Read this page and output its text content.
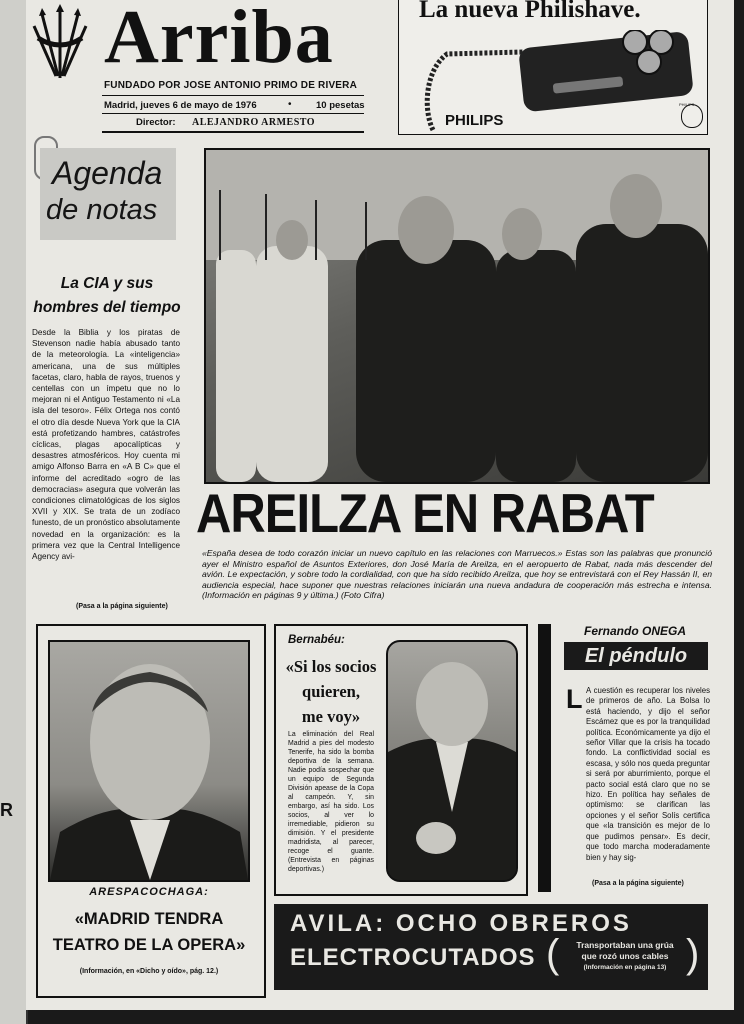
R
Arriba
FUNDADO POR JOSE ANTONIO PRIMO DE RIVERA
Madrid, jueves 6 de mayo de 1976	•	10 pesetas
Director: ALEJANDRO ARMESTO
La nueva Philishave.
PHILIPS
PHILIPS
Agenda
de notas
La CIA y sus
hombres del tiempo

Desde la Biblia y los piratas de Stevenson nadie había abusado tanto de la meteorología. La «inteligencia» americana, una de sus múltiples facetas, claro, habla de rayos, truenos y centellas con un ímpetu que no lo mejoran ni el Antiguo Testamento ni «La isla del tesoro». Félix Ortega nos contó el otro día desde Nueva York que la CIA está profetizando hambres, catástrofes cíclicas, plagas apocalípticas y desastres atmosféricos. Hoy cuenta mi amigo Alfonso Barra en «A B C» que el informe del acreditado «ogro de las democracias» asegura que volverán las condiciones climatológicas de los siglos XVII y XIX. Se trata de un zodíaco funesto, de un pronóstico absolutamente novedad en la organización: es la primera vez que la Central Intelligence Agency avi-

(Pasa a la página siguiente)
AREILZA EN RABAT

«España desea de todo corazón iniciar un nuevo capítulo en las relaciones con Marruecos.» Estas son las palabras que pronunció ayer el Ministro español de Asuntos Exteriores, don José María de Areilza, en el aeropuerto de Rabat, nada más descender del avión. Le expectación, y sobre todo la cordialidad, con que ha sido recibido Areilza, que hoy se entrevistará con el Rey Hassán II, en audiencia especial, hace suponer que nuestras relaciones iniciarán una nueva andadura de cooperación más estrecha e intensa. (Información en páginas 9 y última.) (Foto Cifra)

ARESPACOCHAGA:
«MADRID TENDRA
TEATRO DE LA OPERA»
(Información, en «Dicho y oído», pág. 12.)
Bernabéu:
«Si los socios
quieren,
me voy»

La eliminación del Real Madrid a pies del modesto Tenerife, ha sido la bomba deportiva de la semana. Nadie podía sospechar que un equipo de Segunda División apease de la Copa al campeón. Y, sin embargo, así ha sido. Los socios, al ver lo irremediable, pidieron su dimisión. Y el presidente madridista, al parecer, recoge el guante. (Entrevista en páginas deportivas.)

Fernando ONEGA
El péndulo
L A cuestión es recuperar los niveles de primeros de año. La Bolsa lo está haciendo, y dijo el señor Escámez que es por la tranquilidad política. Económicamente ya dijo el señor Villar que la crisis ha tocado fondo. La conflictividad social es escasa, y sólo nos queda preguntar si será por aburrimiento, porque el pacto social está claro que no se hizo. En política hay señales de optimismo: se clarifican las opciones y el señor Solís certifica que «la transición es mejor de lo que pudimos pensar». Es decir, que todo marcha moderadamente bien y hay sig-

(Pasa a la página siguiente)
AVILA: OCHO OBREROS
ELECTROCUTADOS (	Transportaban una grúa
que rozó unos cables
(Información en página 13) )
